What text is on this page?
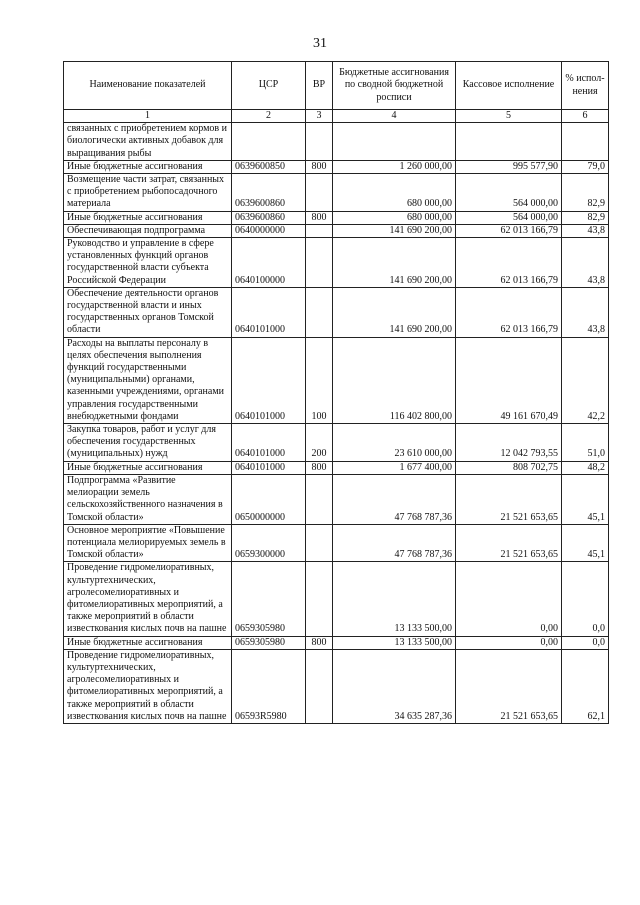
31
Наименование показателей	ЦСР	ВР	Бюджетные ассигнования по сводной бюджетной росписи	Кассовое исполнение	% испол-нения
1	2	3	4	5	6
связанных с приобретением кормов и биологически активных добавок для выращивания рыбы					
Иные бюджетные ассигнования	0639600850	800	1 260 000,00	995 577,90	79,0
Возмещение части затрат, связанных с приобретением рыбопосадочного материала	0639600860		680 000,00	564 000,00	82,9
Иные бюджетные ассигнования	0639600860	800	680 000,00	564 000,00	82,9
Обеспечивающая подпрограмма	0640000000		141 690 200,00	62 013 166,79	43,8
Руководство и управление в сфере установленных функций органов государственной власти субъекта Российской Федерации	0640100000		141 690 200,00	62 013 166,79	43,8
Обеспечение деятельности органов государственной власти и иных государственных органов Томской области	0640101000		141 690 200,00	62 013 166,79	43,8
Расходы на выплаты персоналу в целях обеспечения выполнения функций государственными (муниципальными) органами, казенными учреждениями, органами управления государственными внебюджетными фондами	0640101000	100	116 402 800,00	49 161 670,49	42,2
Закупка товаров, работ и услуг для обеспечения государственных (муниципальных) нужд	0640101000	200	23 610 000,00	12 042 793,55	51,0
Иные бюджетные ассигнования	0640101000	800	1 677 400,00	808 702,75	48,2
Подпрограмма «Развитие мелиорации земель сельскохозяйственного назначения в Томской области»	0650000000		47 768 787,36	21 521 653,65	45,1
Основное мероприятие «Повышение потенциала мелиорируемых земель в Томской области»	0659300000		47 768 787,36	21 521 653,65	45,1
Проведение гидромелиоративных, культуртехнических, агролесомелиоративных и фитомелиоративных мероприятий, а также мероприятий в области известкования кислых почв на пашне	0659305980		13 133 500,00	0,00	0,0
Иные бюджетные ассигнования	0659305980	800	13 133 500,00	0,00	0,0
Проведение гидромелиоративных, культуртехнических, агролесомелиоративных и фитомелиоративных мероприятий, а также мероприятий в области известкования кислых почв на пашне	06593R5980		34 635 287,36	21 521 653,65	62,1
